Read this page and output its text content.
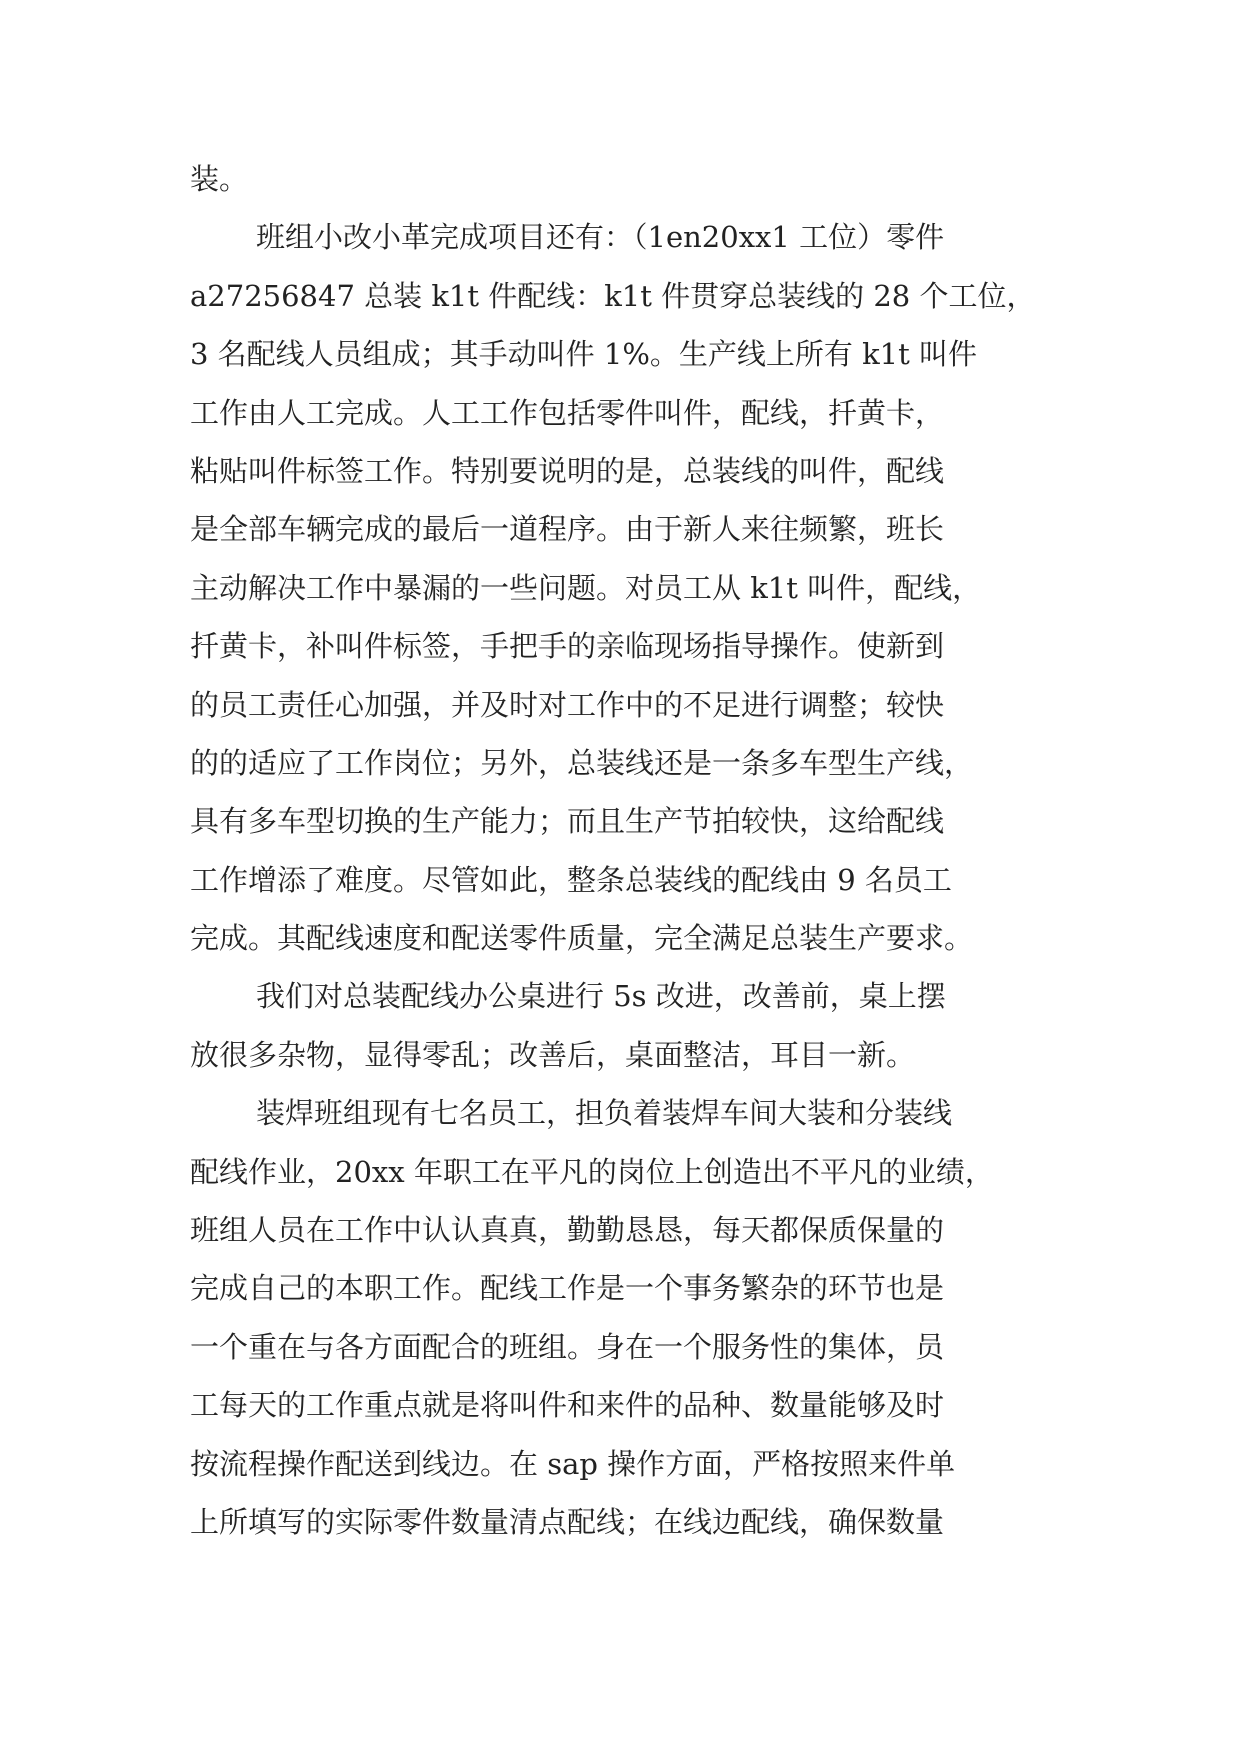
装。
班组小改小革完成项目还有：（1en20xx1 工位）零件
a27256847 总装 k1t 件配线：k1t 件贯穿总装线的 28 个工位，
3 名配线人员组成；其手动叫件 1%。生产线上所有 k1t 叫件
工作由人工完成。人工工作包括零件叫件，配线，扦黄卡，
粘贴叫件标签工作。特别要说明的是，总装线的叫件，配线
是全部车辆完成的最后一道程序。由于新人来往频繁，班长
主动解决工作中暴漏的一些问题。对员工从 k1t 叫件，配线，
扦黄卡，补叫件标签，手把手的亲临现场指导操作。使新到
的员工责任心加强，并及时对工作中的不足进行调整；较快
的的适应了工作岗位；另外，总装线还是一条多车型生产线，
具有多车型切换的生产能力；而且生产节拍较快，这给配线
工作增添了难度。尽管如此，整条总装线的配线由 9 名员工
完成。其配线速度和配送零件质量，完全满足总装生产要求。
我们对总装配线办公桌进行 5s 改进，改善前，桌上摆
放很多杂物，显得零乱；改善后，桌面整洁，耳目一新。
装焊班组现有七名员工，担负着装焊车间大装和分装线
配线作业，20xx 年职工在平凡的岗位上创造出不平凡的业绩，
班组人员在工作中认认真真，勤勤恳恳，每天都保质保量的
完成自己的本职工作。配线工作是一个事务繁杂的环节也是
一个重在与各方面配合的班组。身在一个服务性的集体，员
工每天的工作重点就是将叫件和来件的品种、数量能够及时
按流程操作配送到线边。在 sap 操作方面，严格按照来件单
上所填写的实际零件数量清点配线；在线边配线，确保数量
